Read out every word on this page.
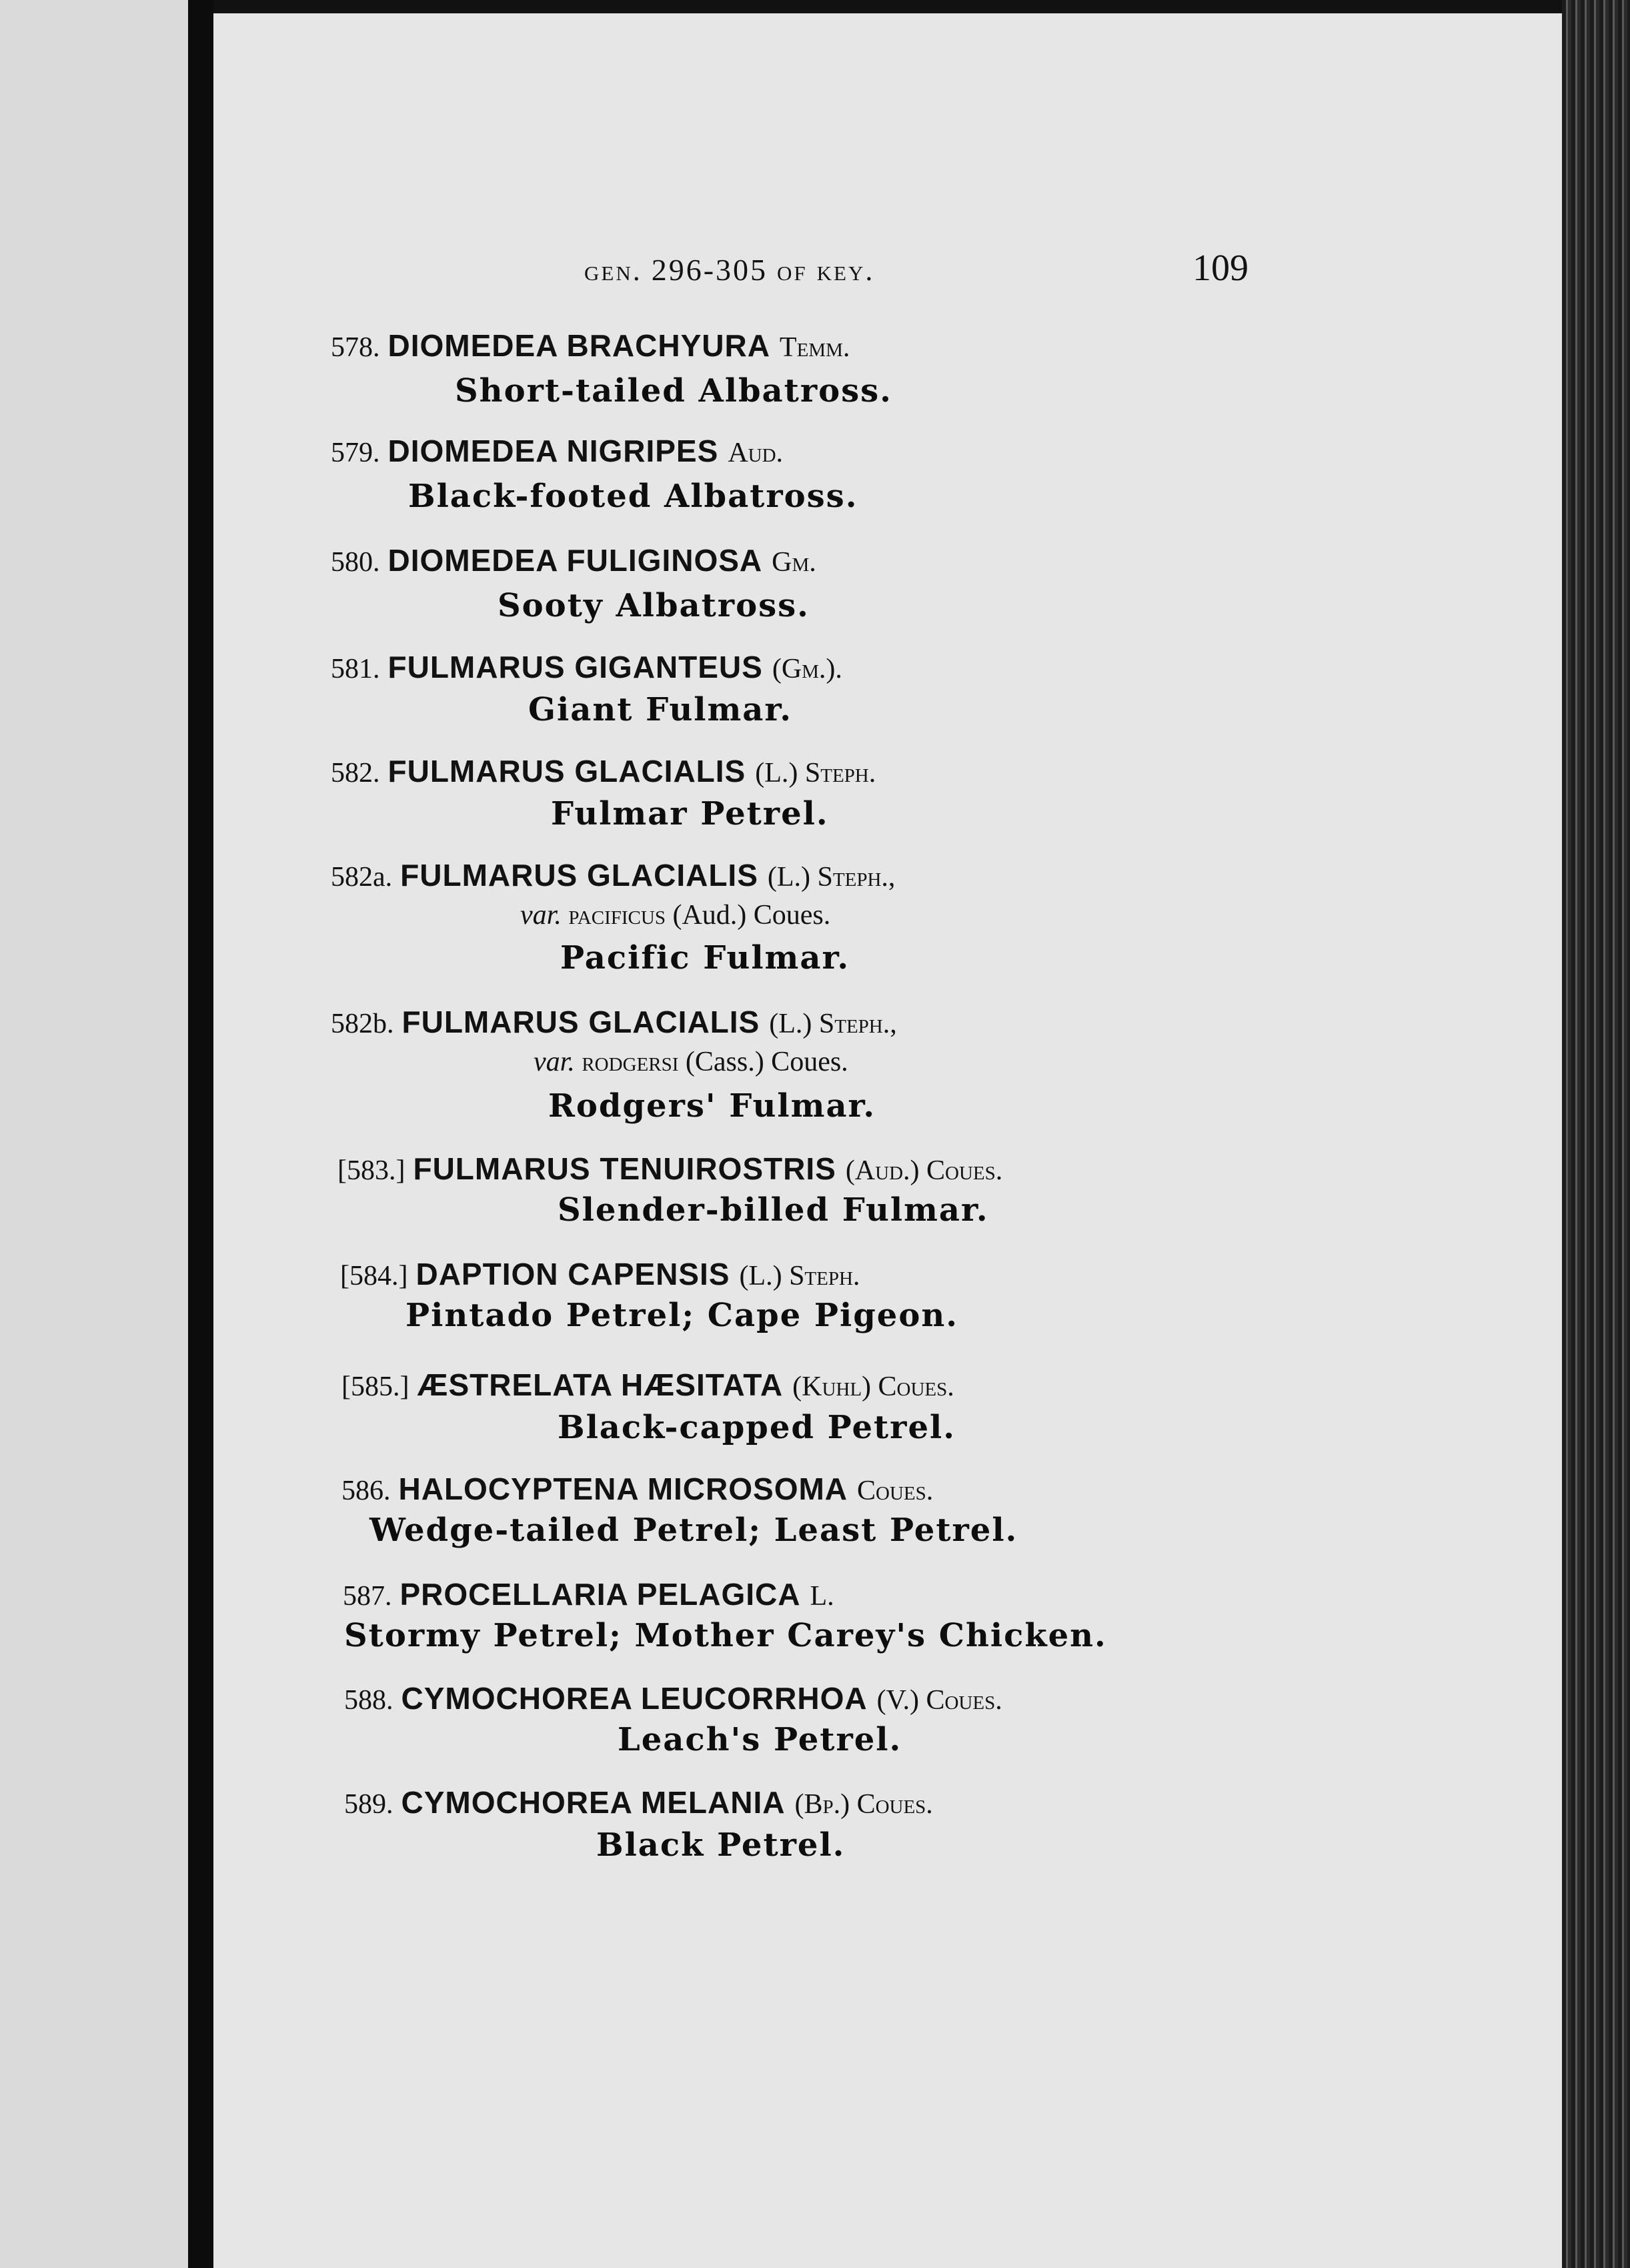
gen. 296-305 of key.	109
578. DIOMEDEA BRACHYURA Temm.
Short-tailed Albatross.
579. DIOMEDEA NIGRIPES Aud.
Black-footed Albatross.
580. DIOMEDEA FULIGINOSA Gm.
Sooty Albatross.
581. FULMARUS GIGANTEUS (Gm.).
Giant Fulmar.
582. FULMARUS GLACIALIS (L.) Steph.
Fulmar Petrel.
582a. FULMARUS GLACIALIS (L.) Steph.,
var. pacificus (Aud.) Coues.
Pacific Fulmar.
582b. FULMARUS GLACIALIS (L.) Steph.,
var. rodgersi (Cass.) Coues.
Rodgers' Fulmar.
[583.] FULMARUS TENUIROSTRIS (Aud.) Coues.
Slender-billed Fulmar.
[584.] DAPTION CAPENSIS (L.) Steph.
Pintado Petrel; Cape Pigeon.
[585.] ÆSTRELATA HÆSITATA (Kuhl) Coues.
Black-capped Petrel.
586. HALOCYPTENA MICROSOMA Coues.
Wedge-tailed Petrel; Least Petrel.
587. PROCELLARIA PELAGICA L.
Stormy Petrel; Mother Carey's Chicken.
588. CYMOCHOREA LEUCORRHOA (V.) Coues.
Leach's Petrel.
589. CYMOCHOREA MELANIA (Bp.) Coues.
Black Petrel.
